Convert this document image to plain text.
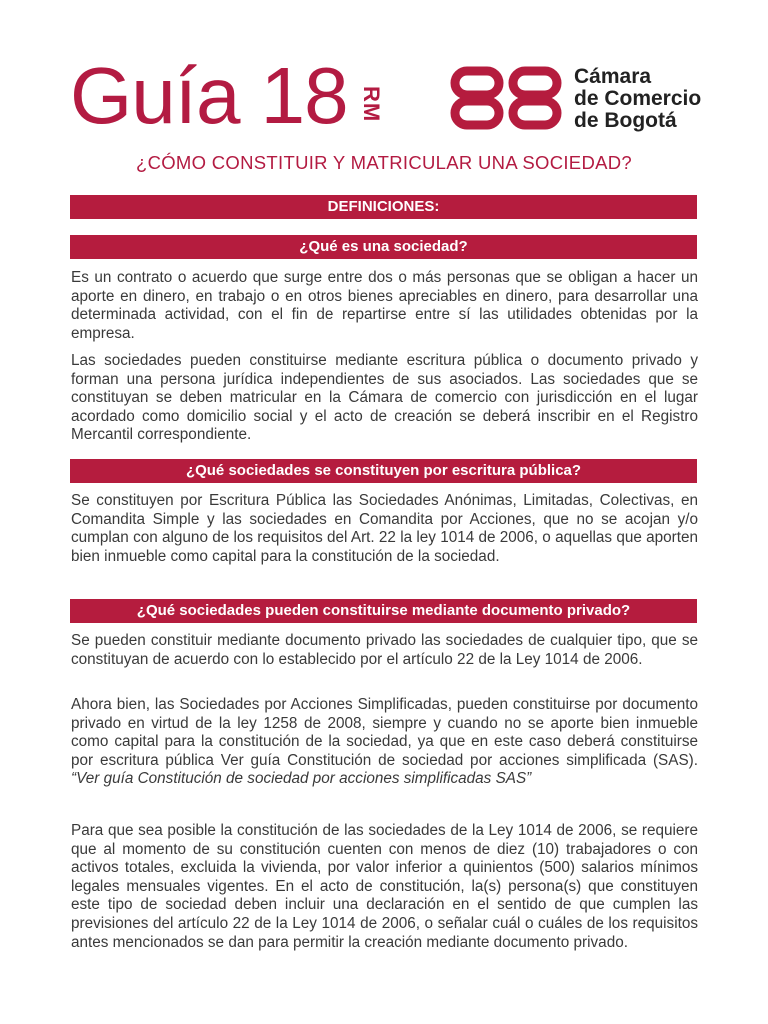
Guía 18 RM
Cámara
de Comercio
de Bogotá
¿CÓMO CONSTITUIR Y MATRICULAR UNA SOCIEDAD?
DEFINICIONES:
¿Qué es una sociedad?

Es un contrato o acuerdo que surge entre dos o más personas que se obligan a hacer un aporte en dinero, en trabajo o en otros bienes apreciables en dinero, para desarrollar una determinada actividad, con el fin de repartirse entre sí las utilidades obtenidas por la empresa.

Las sociedades pueden constituirse mediante escritura pública o documento privado y forman una persona jurídica independientes de sus asociados. Las sociedades que se constituyan se deben matricular en la Cámara de comercio con jurisdicción en el lugar acordado como domicilio social y el acto de creación se deberá inscribir en el Registro Mercantil correspondiente.

¿Qué sociedades se constituyen por escritura pública?

Se constituyen por Escritura Pública las Sociedades Anónimas, Limitadas, Colectivas, en Comandita Simple y las sociedades en Comandita por Acciones, que no se acojan y/o cumplan con alguno de los requisitos del Art. 22 la ley 1014 de 2006, o aquellas que aporten bien inmueble como capital para la constitución de la sociedad.

¿Qué sociedades pueden constituirse mediante documento privado?

Se pueden constituir mediante documento privado las sociedades de cualquier tipo, que se constituyan de acuerdo con lo establecido por el artículo 22 de la Ley 1014 de 2006.

Ahora bien, las Sociedades por Acciones Simplificadas, pueden constituirse por documento privado en virtud de la ley 1258 de 2008, siempre y cuando no se aporte bien inmueble como capital para la constitución de la sociedad, ya que en este caso deberá constituirse por escritura pública Ver guía Constitución de sociedad por acciones simplificada (SAS). “Ver guía Constitución de sociedad por acciones simplificadas SAS”

Para que sea posible la constitución de las sociedades de la Ley 1014 de 2006, se requiere que al momento de su constitución cuenten con menos de diez (10) trabajadores o con activos totales, excluida la vivienda, por valor inferior a quinientos (500) salarios mínimos legales mensuales vigentes. En el acto de constitución, la(s) persona(s) que constituyen este tipo de sociedad deben incluir una declaración en el sentido de que cumplen las previsiones del artículo 22 de la Ley 1014 de 2006, o señalar cuál o cuáles de los requisitos antes mencionados se dan para permitir la creación mediante documento privado.
